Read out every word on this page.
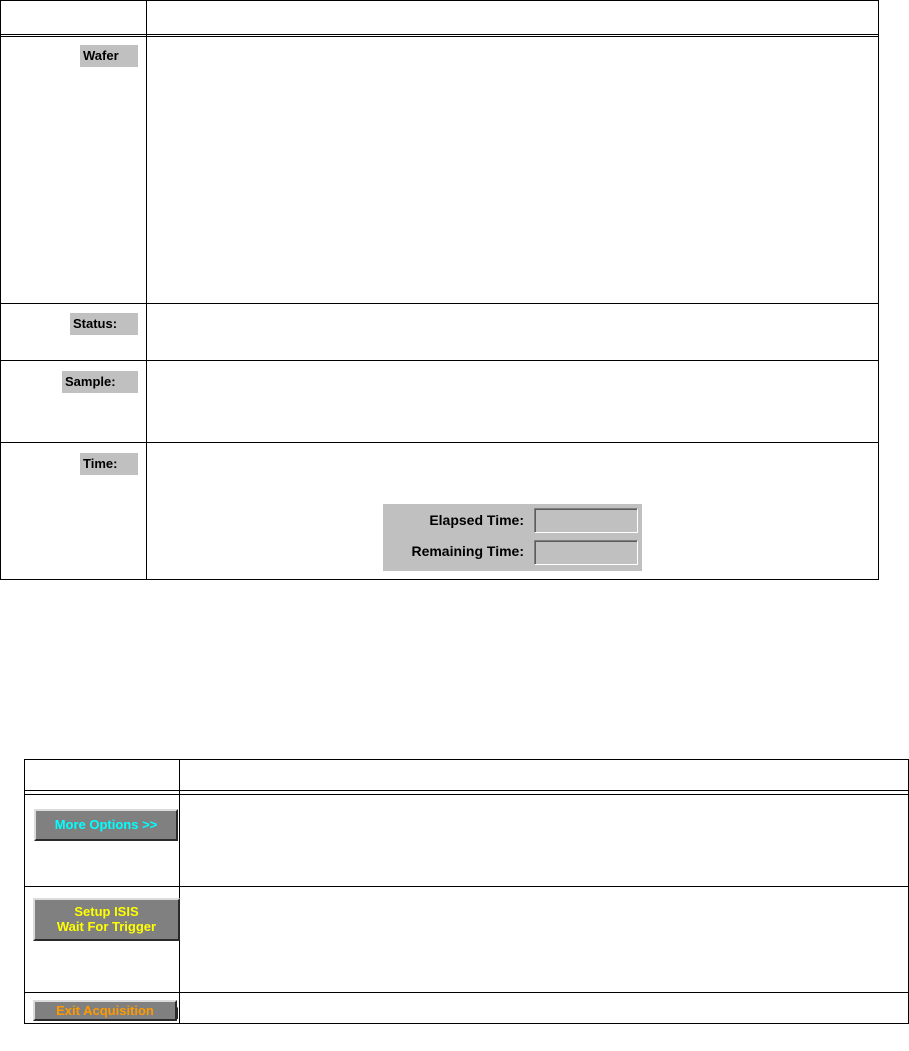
Wafer
Status:
Sample:
Time:
Elapsed Time:
Remaining Time:
More Options >>
Setup ISIS
Wait For Trigger
Exit Acquisition
